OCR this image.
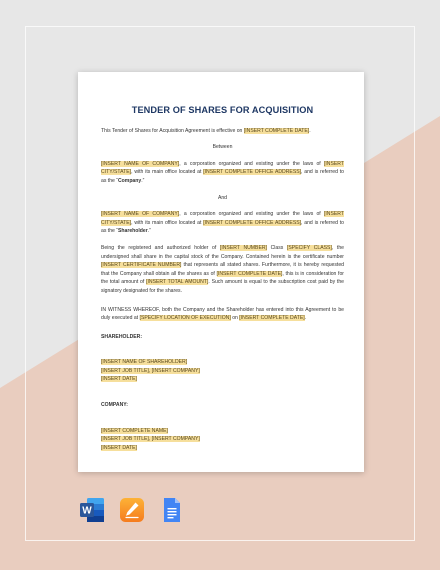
TENDER OF SHARES FOR ACQUISITION

This Tender of Shares for Acquisition Agreement is effective on [INSERT COMPLETE DATE].

Between

[INSERT NAME OF COMPANY], a corporation organized and existing under the laws of [INSERT CITY/STATE], with its main office located at [INSERT COMPLETE OFFICE ADDRESS], and is referred to as the “Company.”

And

[INSERT NAME OF COMPANY], a corporation organized and existing under the laws of [INSERT CITY/STATE], with its main office located at [INSERT COMPLETE OFFICE ADDRESS], and is referred to as the “Shareholder.”

Being the registered and authorized holder of [INSERT NUMBER] Class [SPECIFY CLASS], the undersigned shall share in the capital stock of the Company. Contained herein is the certificate number [INSERT CERTIFICATE NUMBER] that represents all stated shares. Furthermore, it is hereby requested that the Company shall obtain all the shares as of [INSERT COMPLETE DATE], this is in consideration for the total amount of [INSERT TOTAL AMOUNT]. Such amount is equal to the subscription cost paid by the signatory designated for the shares.

IN WITNESS WHEREOF, both the Company and the Shareholder has entered into this Agreement to be duly executed at [SPECIFY LOCATION OF EXECUTION] on [INSERT COMPLETE DATE].

SHAREHOLDER:

[INSERT NAME OF SHAREHOLDER]

[INSERT JOB TITLE], [INSERT COMPANY]

[INSERT DATE]

COMPANY:

[INSERT COMPLETE NAME]

[INSERT JOB TITLE], [INSERT COMPANY]

[INSERT DATE]

W
